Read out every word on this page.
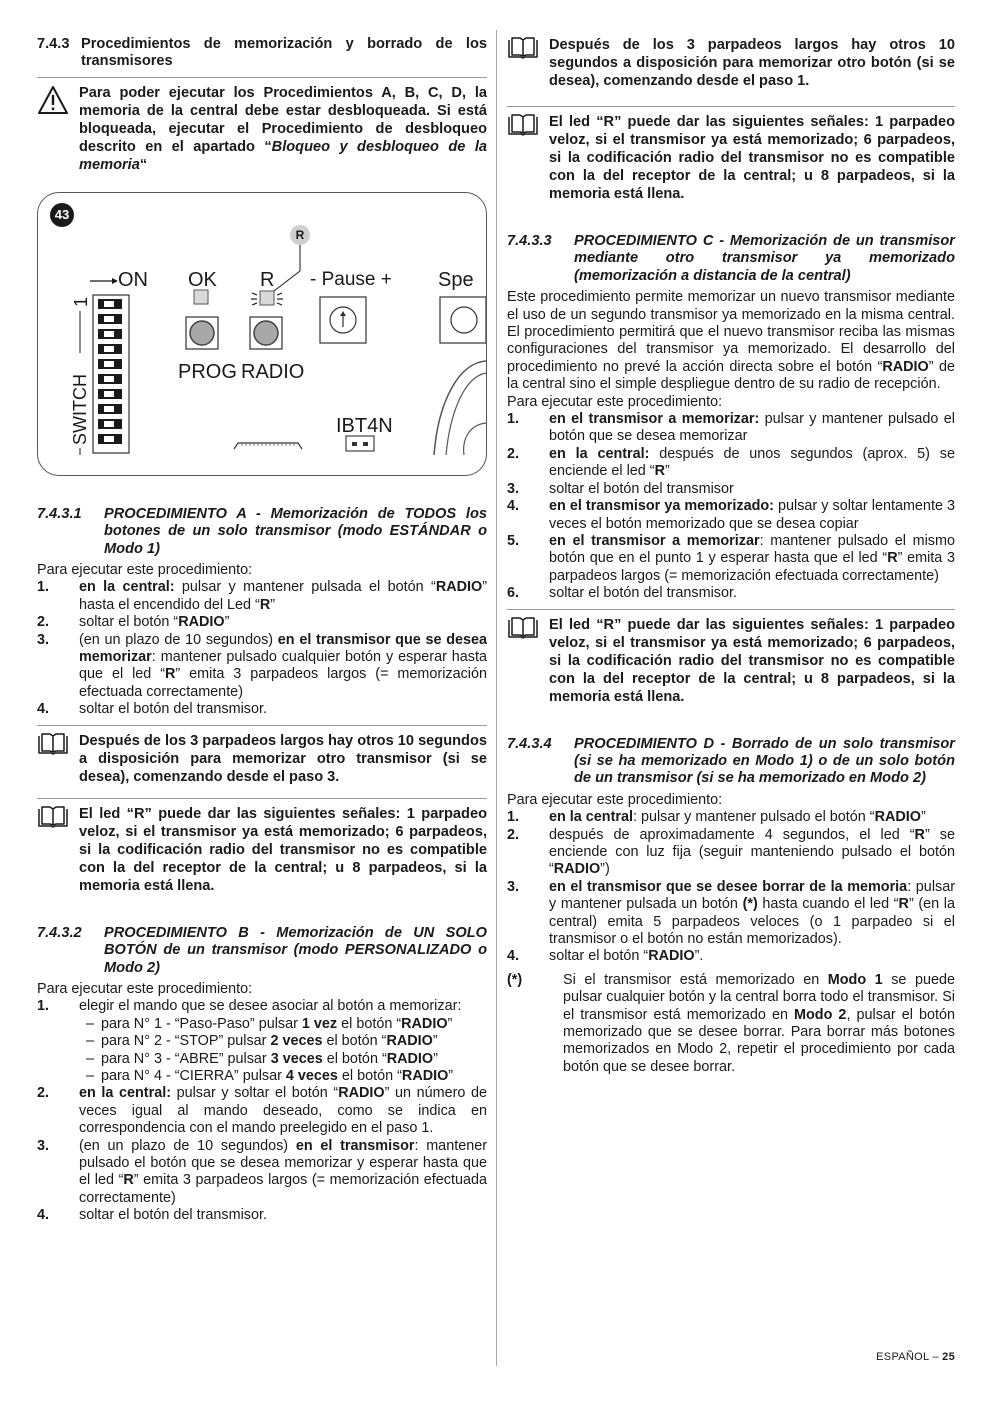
7.4.3 Procedimientos de memorización y borrado de los transmisores
Para poder ejecutar los Procedimientos A, B, C, D, la memoria de la central debe estar desbloqueada. Si está bloqueada, ejecutar el Procedimiento de desbloqueo descrito en el apartado “Bloqueo y desbloqueo de la memoria“
43
R
ON OK R - Pause + Spe
1
SWITCH
PROG RADIO
IBT4N
7.4.3.1	PROCEDIMIENTO A - Memorización de TODOS los botones de un solo transmisor (modo ESTÁNDAR o Modo 1)

Para ejecutar este procedimiento:

1.	en la central: pulsar y mantener pulsada el botón “RADIO” hasta el encendido del Led “R”
2.	soltar el botón “RADIO”
3.	(en un plazo de 10 segundos) en el transmisor que se desea memorizar: mantener pulsado cualquier botón y esperar hasta que el led “R” emita 3 parpadeos largos (= memorización efectuada correctamente)
4.	soltar el botón del transmisor.
Después de los 3 parpadeos largos hay otros 10 segundos a disposición para memorizar otro transmisor (si se desea), comenzando desde el paso 3.
El led “R” puede dar las siguientes señales: 1 parpadeo veloz, si el transmisor ya está memorizado; 6 parpadeos, si la codificación radio del transmisor no es compatible con la del receptor de la central; u 8 parpadeos, si la memoria está llena.
7.4.3.2	PROCEDIMIENTO B - Memorización de UN SOLO BOTÓN de un transmisor (modo PERSONALIZADO o Modo 2)

Para ejecutar este procedimiento:

1.	elegir el mando que se desee asociar al botón a memorizar:
– para N° 1 - “Paso-Paso” pulsar 1 vez el botón “RADIO”
– para N° 2 - “STOP” pulsar 2 veces el botón “RADIO”
– para N° 3 - “ABRE” pulsar 3 veces el botón “RADIO”
– para N° 4 - “CIERRA” pulsar 4 veces el botón “RADIO”
2.	en la central: pulsar y soltar el botón “RADIO” un número de veces igual al mando deseado, como se indica en correspondencia con el mando preelegido en el paso 1.
3.	(en un plazo de 10 segundos) en el transmisor: mantener pulsado el botón que se desea memorizar y esperar hasta que el led “R” emita 3 parpadeos largos (= memorización efectuada correctamente)
4.	soltar el botón del transmisor.
Después de los 3 parpadeos largos hay otros 10 segundos a disposición para memorizar otro botón (si se desea), comenzando desde el paso 1.
El led “R” puede dar las siguientes señales: 1 parpadeo veloz, si el transmisor ya está memorizado; 6 parpadeos, si la codificación radio del transmisor no es compatible con la del receptor de la central; u 8 parpadeos, si la memoria está llena.
7.4.3.3	PROCEDIMIENTO C - Memorización de un transmisor mediante otro transmisor ya memorizado (memorización a distancia de la central)

Este procedimiento permite memorizar un nuevo transmisor mediante el uso de un segundo transmisor ya memorizado en la misma central. El procedimiento permitirá que el nuevo transmisor reciba las mismas configuraciones del transmisor ya memorizado. El desarrollo del procedimiento no prevé la acción directa sobre el botón “RADIO” de la central sino el simple despliegue dentro de su radio de recepción.

Para ejecutar este procedimiento:

1.	en el transmisor a memorizar: pulsar y mantener pulsado el botón que se desea memorizar
2.	en la central: después de unos segundos (aprox. 5) se enciende el led “R”
3.	soltar el botón del transmisor
4.	en el transmisor ya memorizado: pulsar y soltar lentamente 3 veces el botón memorizado que se desea copiar
5.	en el transmisor a memorizar: mantener pulsado el mismo botón que en el punto 1 y esperar hasta que el led “R” emita 3 parpadeos largos (= memorización efectuada correctamente)
6.	soltar el botón del transmisor.
El led “R” puede dar las siguientes señales: 1 parpadeo veloz, si el transmisor ya está memorizado; 6 parpadeos, si la codificación radio del transmisor no es compatible con la del receptor de la central; u 8 parpadeos, si la memoria está llena.
7.4.3.4	PROCEDIMIENTO D - Borrado de un solo transmisor (si se ha memorizado en Modo 1) o de un solo botón de un transmisor (si se ha memorizado en Modo 2)

Para ejecutar este procedimiento:

1.	en la central: pulsar y mantener pulsado el botón “RADIO”
2.	después de aproximadamente 4 segundos, el led “R” se enciende con luz fija (seguir manteniendo pulsado el botón “RADIO”)
3.	en el transmisor que se desee borrar de la memoria: pulsar y mantener pulsada un botón (*) hasta cuando el led “R” (en la central) emita 5 parpadeos veloces (o 1 parpadeo si el transmisor o el botón no están memorizados).
4.	soltar el botón “RADIO”.
(*)	Si el transmisor está memorizado en Modo 1 se puede pulsar cualquier botón y la central borra todo el transmisor. Si el transmisor está memorizado en Modo 2, pulsar el botón memorizado que se desee borrar. Para borrar más botones memorizados en Modo 2, repetir el procedimiento por cada botón que se desee borrar.
ESPAÑOL – 25
